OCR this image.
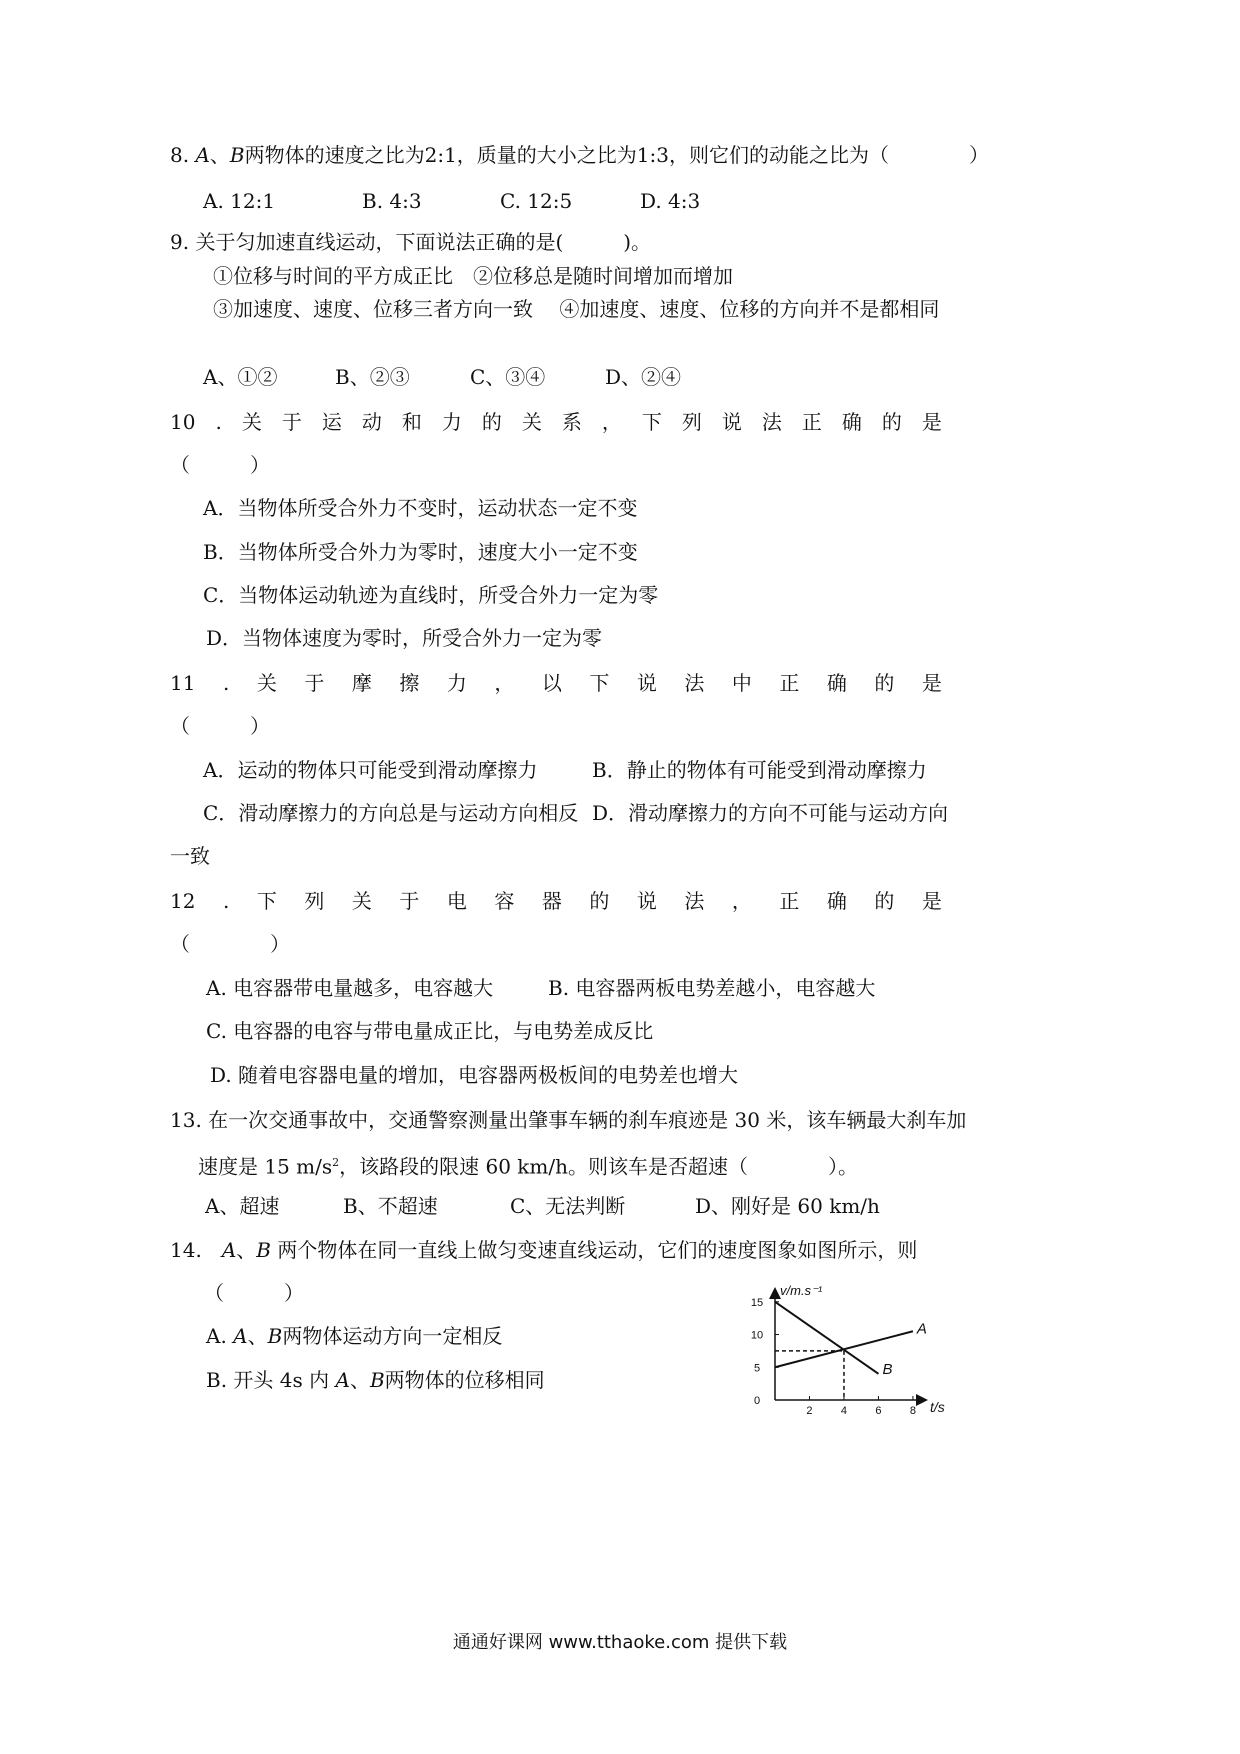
8. A、B两物体的速度之比为2:1，质量的大小之比为1:3，则它们的动能之比为（　　　　）
A. 12:1	B. 4:3	C. 12:5	D. 4:3
9. 关于匀加速直线运动，下面说法正确的是(　　　)。
①位移与时间的平方成正比　②位移总是随时间增加而增加
③加速度、速度、位移三者方向一致　 ④加速度、速度、位移的方向并不是都相同
A、①②	B、②③	C、③④	D、②④
10 . 关 于 运 动 和 力 的 关 系 ， 下 列 说 法 正 确 的 是
（　　　）
A．当物体所受合外力不变时，运动状态一定不变
B．当物体所受合外力为零时，速度大小一定不变
C．当物体运动轨迹为直线时，所受合外力一定为零
D．当物体速度为零时，所受合外力一定为零
11 . 关 于 摩 擦 力 ， 以 下 说 法 中 正 确 的 是
（　　　）
A．运动的物体只可能受到滑动摩擦力	B．静止的物体有可能受到滑动摩擦力
C．滑动摩擦力的方向总是与运动方向相反 D．滑动摩擦力的方向不可能与运动方向
一致
12 . 下 列 关 于 电 容 器 的 说 法 ， 正 确 的 是
（　　　　）
A. 电容器带电量越多，电容越大	B. 电容器两板电势差越小，电容越大
C. 电容器的电容与带电量成正比，与电势差成反比
D. 随着电容器电量的增加，电容器两极板间的电势差也增大
13. 在一次交通事故中，交通警察测量出肇事车辆的刹车痕迹是 30 米，该车辆最大刹车加
速度是 15 $m/s^2$，该路段的限速 60 km/h。则该车是否超速（　　　　）。
A、超速	B、不超速	C、无法判断	D、刚好是 60 km/h
14.　A、B 两个物体在同一直线上做匀变速直线运动，它们的速度图象如图所示，则
（　　　）
A. A、B两物体运动方向一定相反
B. 开头 4s 内 A、B两物体的位移相同
v/m.s⁻¹
t/s
2	4	6	8
0
5
10
15
A
B
通通好课网 www.tthaoke.com 提供下载
